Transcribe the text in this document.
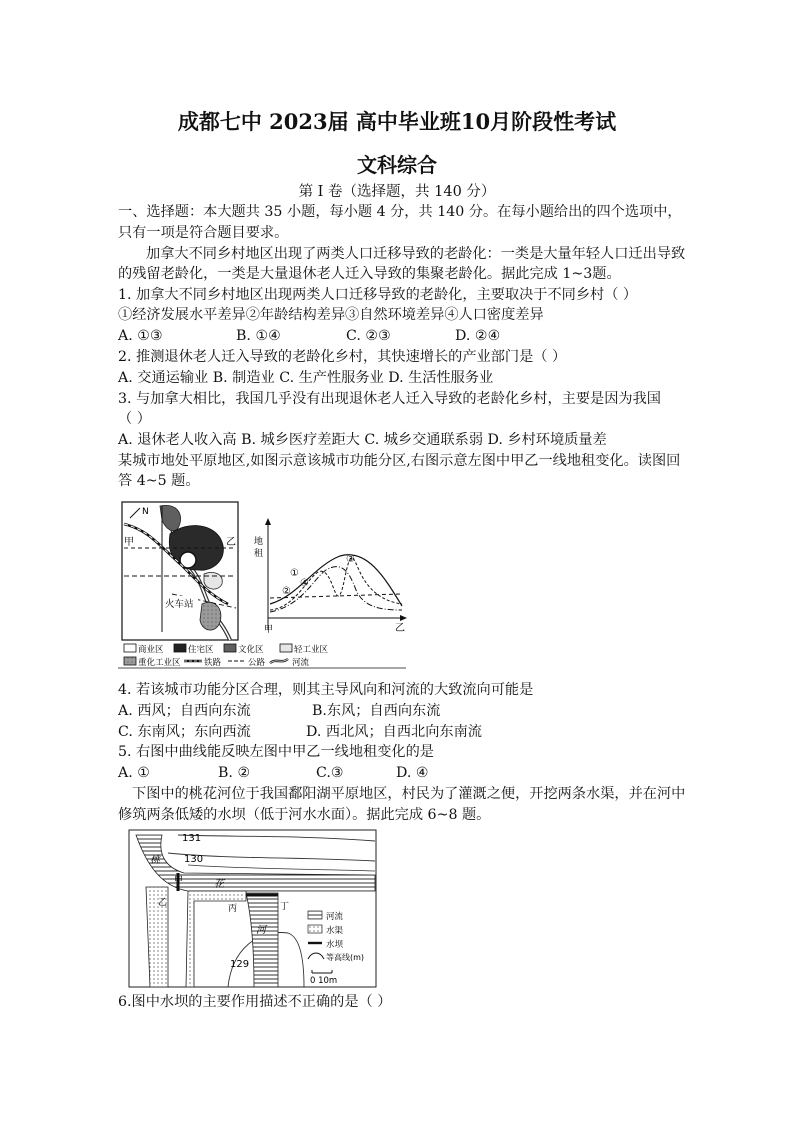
成都七中 2023届 高中毕业班10月阶段性考试
文科综合
第 I 卷（选择题，共 140 分）
一、选择题：本大题共 35 小题，每小题 4 分，共 140 分。在每小题给出的四个选项中，
只有一项是符合题目要求。
加拿大不同乡村地区出现了两类人口迁移导致的老龄化：一类是大量年轻人口迁出导致
的残留老龄化，一类是大量退休老人迁入导致的集聚老龄化。据此完成 1~3题。
1. 加拿大不同乡村地区出现两类人口迁移导致的老龄化，主要取决于不同乡村（ ）
①经济发展水平差异②年龄结构差异③自然环境差异④人口密度差异
A. ①③	B. ①④	C. ②③	D. ②④
2. 推测退休老人迁入导致的老龄化乡村，其快速增长的产业部门是（ ）
A. 交通运输业 B. 制造业 C. 生产性服务业 D. 生活性服务业
3. 与加拿大相比，我国几乎没有出现退休老人迁入导致的老龄化乡村，主要是因为我国
（ ）
A. 退休老人收入高 B. 城乡医疗差距大 C. 城乡交通联系弱 D. 乡村环境质量差
某城市地处平原地区,如图示意该城市功能分区,右图示意左图中甲乙一线地租变化。读图回
答 4~5 题。
N
甲	乙
火车站
地
租
甲	乙
①
②
③
④
商业区	住宅区	文化区	轻工业区
重化工业区	铁路	公路	河流
4. 若该城市功能分区合理，则其主导风向和河流的大致流向可能是
A. 西风；自西向东流	B.东风；自西向东流
C. 东南风；东向西流	D. 西北风；自西北向东南流
5. 右图中曲线能反映左图中甲乙一线地租变化的是
A. ①	B. ②	C.③	D. ④
下图中的桃花河位于我国鄱阳湖平原地区，村民为了灌溉之便，开挖两条水渠，并在河中
修筑两条低矮的水坝（低于河水水面）。据此完成 6~8 题。
131
130
129
桃
花
河
甲
乙
丙	丁
河流
水渠
水坝
等高线(m)
0 10m
6.图中水坝的主要作用描述不正确的是（ ）
